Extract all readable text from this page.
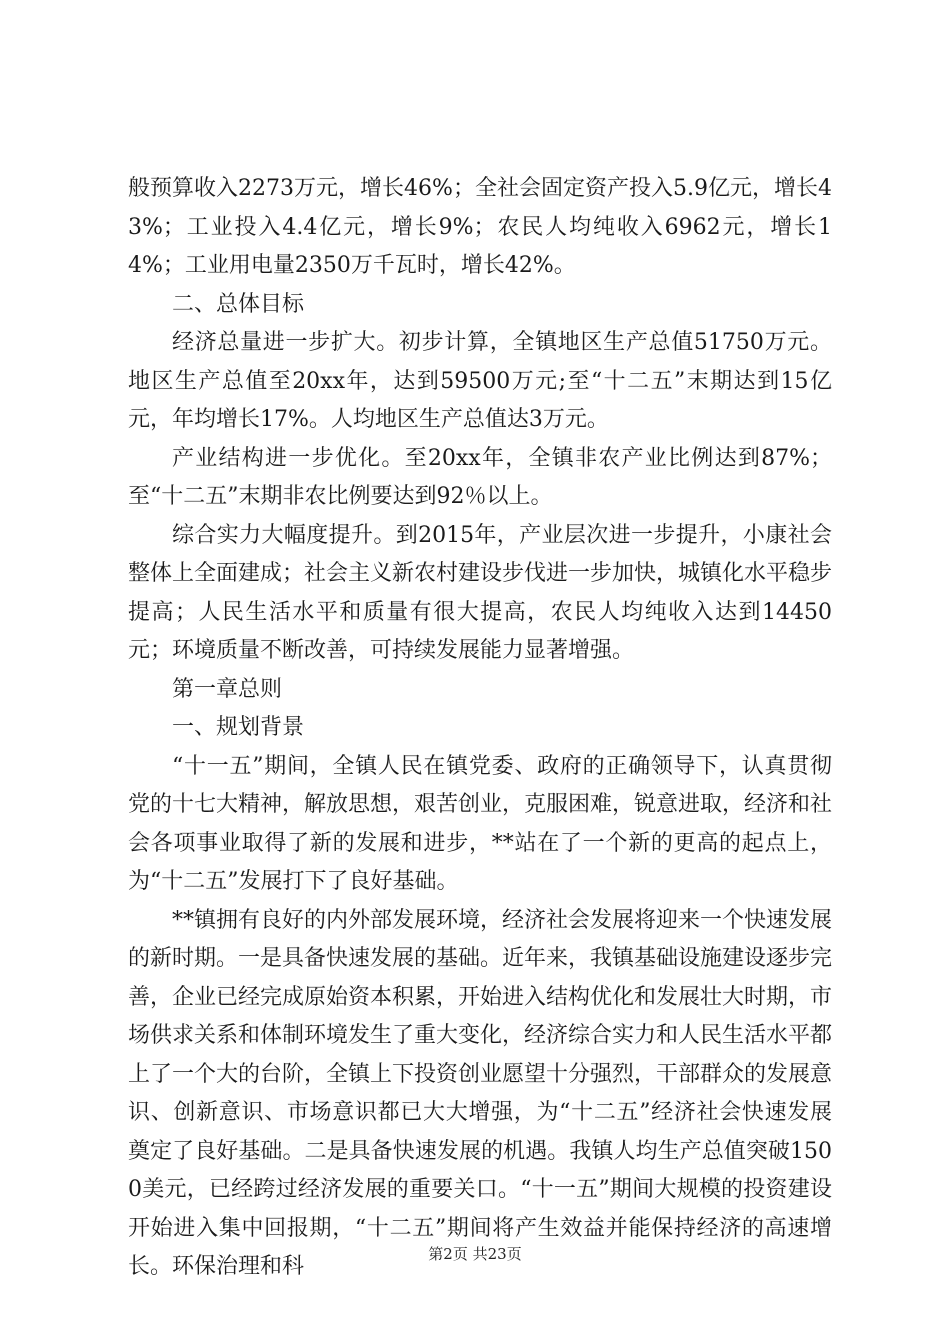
般预算收入2273万元，增长46%；全社会固定资产投入5.9亿元，增长43%；工业投入4.4亿元，增长9%；农民人均纯收入6962元，增长14%；工业用电量2350万千瓦时，增长42%。

二、总体目标

经济总量进一步扩大。初步计算，全镇地区生产总值51750万元。地区生产总值至20xx年，达到59500万元;至“十二五”末期达到15亿元，年均增长17%。人均地区生产总值达3万元。

产业结构进一步优化。至20xx年，全镇非农产业比例达到87%；至“十二五”末期非农比例要达到92％以上。

综合实力大幅度提升。到2015年，产业层次进一步提升，小康社会整体上全面建成；社会主义新农村建设步伐进一步加快，城镇化水平稳步提高；人民生活水平和质量有很大提高，农民人均纯收入达到14450元；环境质量不断改善，可持续发展能力显著增强。

第一章总则

一、规划背景

“十一五”期间，全镇人民在镇党委、政府的正确领导下，认真贯彻党的十七大精神，解放思想，艰苦创业，克服困难，锐意进取，经济和社会各项事业取得了新的发展和进步，**站在了一个新的更高的起点上，为“十二五”发展打下了良好基础。

**镇拥有良好的内外部发展环境，经济社会发展将迎来一个快速发展的新时期。一是具备快速发展的基础。近年来，我镇基础设施建设逐步完善，企业已经完成原始资本积累，开始进入结构优化和发展壮大时期，市场供求关系和体制环境发生了重大变化，经济综合实力和人民生活水平都上了一个大的台阶，全镇上下投资创业愿望十分强烈，干部群众的发展意识、创新意识、市场意识都已大大增强，为“十二五”经济社会快速发展奠定了良好基础。二是具备快速发展的机遇。我镇人均生产总值突破1500美元，已经跨过经济发展的重要关口。“十一五”期间大规模的投资建设开始进入集中回报期，“十二五”期间将产生效益并能保持经济的高速增长。环保治理和科	第2页 共23页
